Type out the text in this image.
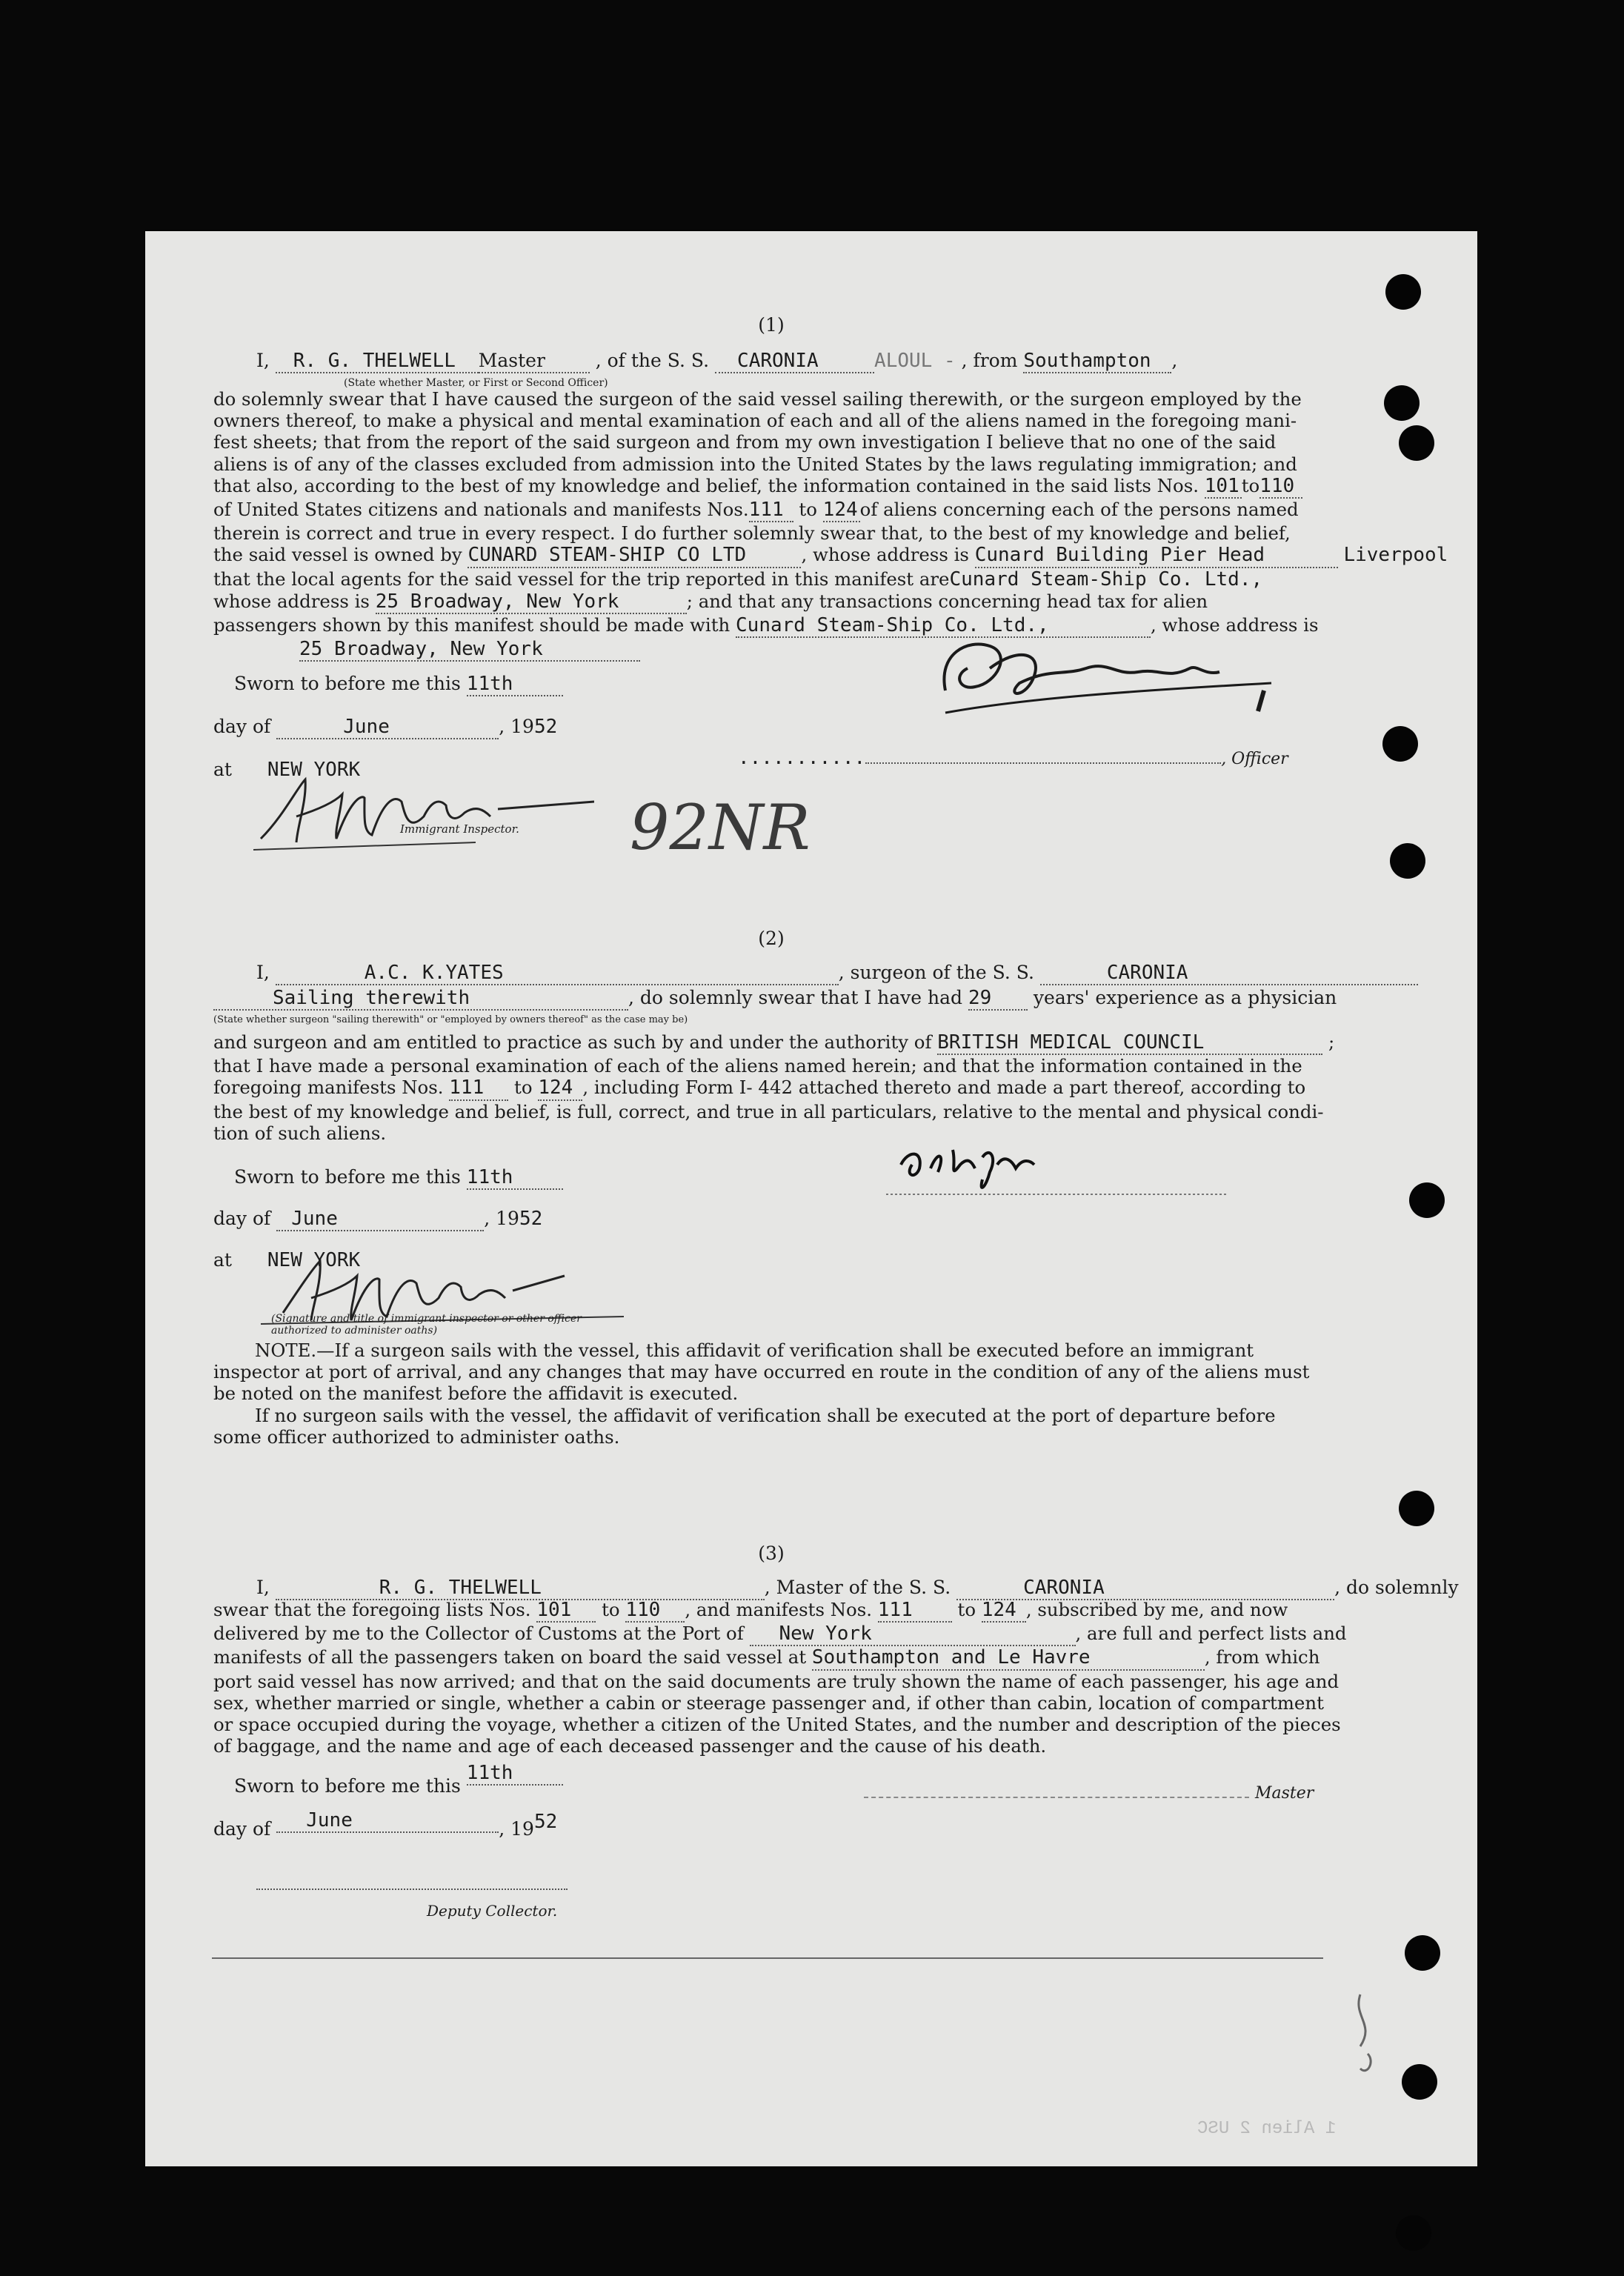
1 Alien 2 USC
(1)
I, R. G. THELWELL Master	, of the S. S. CARONIA	ALOUL - , from Southampton ,
(State whether Master, or First or Second Officer)
do solemnly swear that I have caused the surgeon of the said vessel sailing therewith, or the surgeon employed by the
owners thereof, to make a physical and mental examination of each and all of the aliens named in the foregoing mani-
fest sheets; that from the report of the said surgeon and from my own investigation I believe that no one of the said
aliens is of any of the classes excluded from admission into the United States by the laws regulating immigration; and
that also, according to the best of my knowledge and belief, the information contained in the said lists Nos. 101 to110
of United States citizens and nationals and manifests Nos.111 to 124 of aliens concerning each of the persons named
therein is correct and true in every respect. I do further solemnly swear that, to the best of my knowledge and belief,
the said vessel is owned by CUNARD STEAM-SHIP CO LTD	, whose address is Cunard Building Pier Head	Liverpool
that the local agents for the said vessel for the trip reported in this manifest areCunard Steam-Ship Co. Ltd.,
whose address is 25 Broadway, New York	; and that any transactions concerning head tax for alien
passengers shown by this manifest should be made with Cunard Steam-Ship Co. Ltd.,	, whose address is
25 Broadway, New York
Sworn to before me this 11th
day of	June	, 1952
at NEW YORK
Immigrant Inspector. 92NR
...........	, Officer
(2)
I,	A.C. K.YATES	, surgeon of the S. S.	CARONIA
Sailing therewith	, do solemnly swear that I have had 29 years' experience as a physician
(State whether surgeon "sailing therewith" or "employed by owners thereof" as the case may be)
and surgeon and am entitled to practice as such by and under the authority of BRITISH MEDICAL COUNCIL	;
that I have made a personal examination of each of the aliens named herein; and that the information contained in the
foregoing manifests Nos. 111 to 124 , including Form I- 442 attached thereto and made a part thereof, according to
the best of my knowledge and belief, is full, correct, and true in all particulars, relative to the mental and physical condi-
tion of such aliens.
Sworn to before me this 11th
day of June	, 1952
at NEW YORK
(Signature and title of immigrant inspector or other officer authorized to administer oaths)
NOTE.—If a surgeon sails with the vessel, this affidavit of verification shall be executed before an immigrant
inspector at port of arrival, and any changes that may have occurred en route in the condition of any of the aliens must
be noted on the manifest before the affidavit is executed.
If no surgeon sails with the vessel, the affidavit of verification shall be executed at the port of departure before
some officer authorized to administer oaths.
(3)
I,	R. G. THELWELL	, Master of the S. S.	CARONIA	, do solemnly
swear that the foregoing lists Nos. 101 to 110 , and manifests Nos. 111 to 124 , subscribed by me, and now
delivered by me to the Collector of Customs at the Port of New York	, are full and perfect lists and
manifests of all the passengers taken on board the said vessel at Southampton and Le Havre	, from which
port said vessel has now arrived; and that on the said documents are truly shown the name of each passenger, his age and
sex, whether married or single, whether a cabin or steerage passenger and, if other than cabin, location of compartment
or space occupied during the voyage, whether a citizen of the United States, and the number and description of the pieces
of baggage, and the name and age of each deceased passenger and the cause of his death.
Sworn to before me this 11th
Master
day of June	, 1952
Deputy Collector.
